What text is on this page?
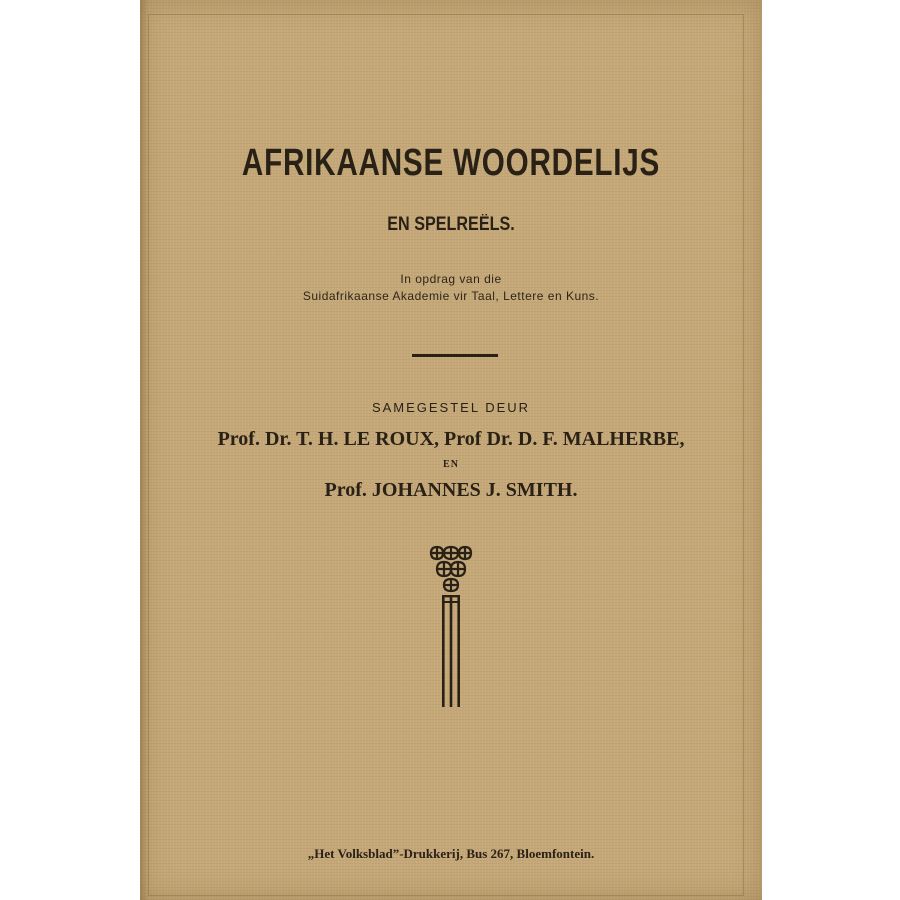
AFRIKAANSE WOORDELIJS
EN SPELREËLS.
In opdrag van die
Suidafrikaanse Akademie vir Taal, Lettere en Kuns.
SAMEGESTEL DEUR
Prof. Dr. T. H. LE ROUX, Prof Dr. D. F. MALHERBE,
EN
Prof. JOHANNES J. SMITH.
„Het Volksblad”-Drukkerij, Bus 267, Bloemfontein.
